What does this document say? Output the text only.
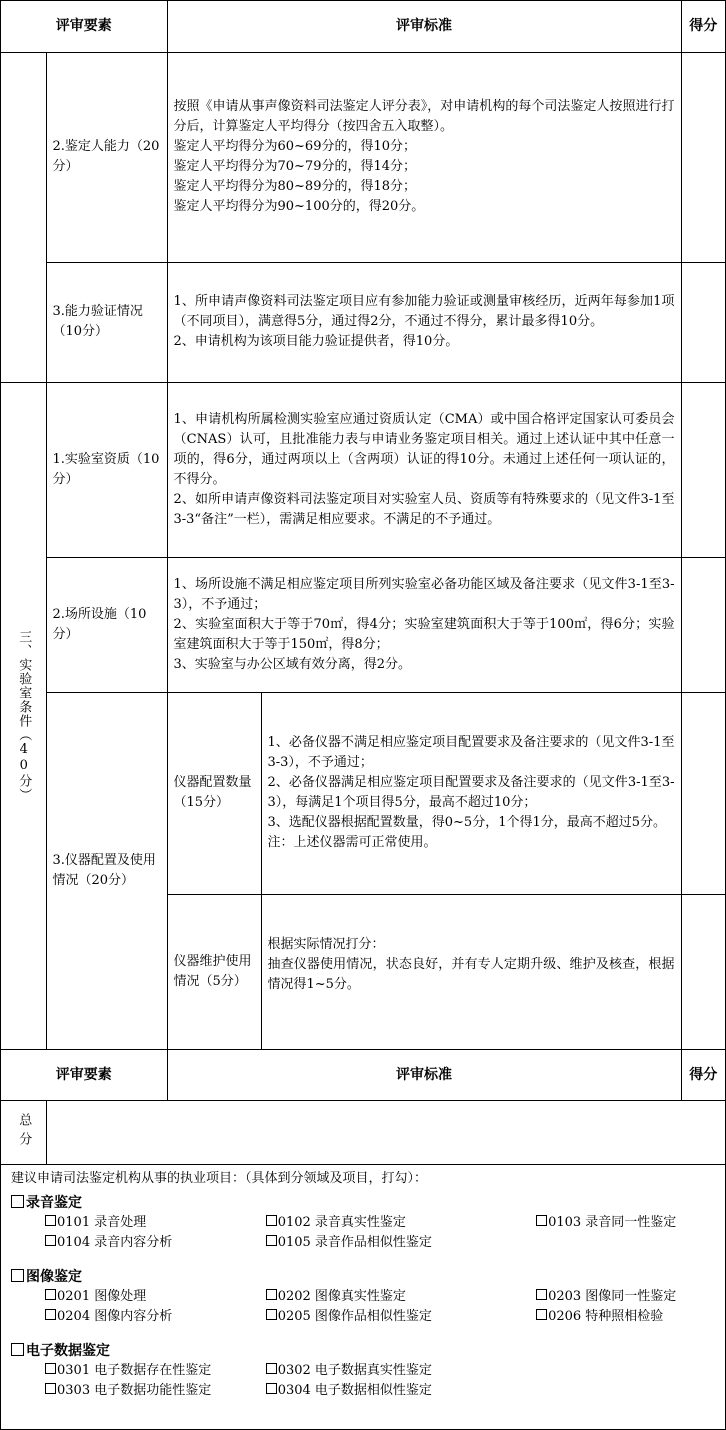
评审要素		评审标准		得分
	2.鉴定人能力（20分）	按照《申请从事声像资料司法鉴定人评分表》，对申请机构的每个司法鉴定人按照进行打分后，计算鉴定人平均得分（按四舍五入取整）。

鉴定人平均得分为60~69分的，得10分；

鉴定人平均得分为70~79分的，得14分；

鉴定人平均得分为80~89分的，得18分；

鉴定人平均得分为90~100分的，得20分。		

	3.能力验证情况（10分）	1、所申请声像资料司法鉴定项目应有参加能力验证或测量审核经历，近两年每参加1项（不同项目），满意得5分，通过得2分，不通过不得分，累计最多得10分。

2、申请机构为该项目能力验证提供者，得10分。		

三、实验室条件（40分）	1.实验室资质（10分）	1、申请机构所属检测实验室应通过资质认定（CMA）或中国合格评定国家认可委员会（CNAS）认可，且批准能力表与申请业务鉴定项目相关。通过上述认证中其中任意一项的，得6分，通过两项以上（含两项）认证的得10分。未通过上述任何一项认证的，不得分。

2、如所申请声像资料司法鉴定项目对实验室人员、资质等有特殊要求的（见文件3-1至3-3“备注”一栏），需满足相应要求。不满足的不予通过。		

	2.场所设施（10分）	1、场所设施不满足相应鉴定项目所列实验室必备功能区域及备注要求（见文件3-1至3-3），不予通过；

2、实验室面积大于等于70㎡，得4分；实验室建筑面积大于等于100㎡，得6分；实验室建筑面积大于等于150㎡，得8分；

3、实验室与办公区域有效分离，得2分。		

	3.仪器配置及使用情况（20分）	仪器配置数量（15分）	1、必备仪器不满足相应鉴定项目配置要求及备注要求的（见文件3-1至3-3），不予通过；

2、必备仪器满足相应鉴定项目配置要求及备注要求的（见文件3-1至3-3），每满足1个项目得5分，最高不超过10分；

3、选配仪器根据配置数量，得0~5分，1个得1分，最高不超过5分。

注：上述仪器需可正常使用。	

		仪器维护使用情况（5分）	根据实际情况打分：

抽查仪器使用情况，状态良好，并有专人定期升级、维护及核查，根据情况得1~5分。	

评审要素		评审标准		得分

总分				

建议申请司法鉴定机构从事的执业项目：（具体到分领域及项目，打勾）：
录音鉴定
0101 录音处理	0102 录音真实性鉴定	0103 录音同一性鉴定
0104 录音内容分析	0105 录音作品相似性鉴定
图像鉴定
0201 图像处理	0202 图像真实性鉴定	0203 图像同一性鉴定
0204 图像内容分析	0205 图像作品相似性鉴定	0206 特种照相检验
电子数据鉴定
0301 电子数据存在性鉴定	0302 电子数据真实性鉴定
0303 电子数据功能性鉴定	0304 电子数据相似性鉴定
